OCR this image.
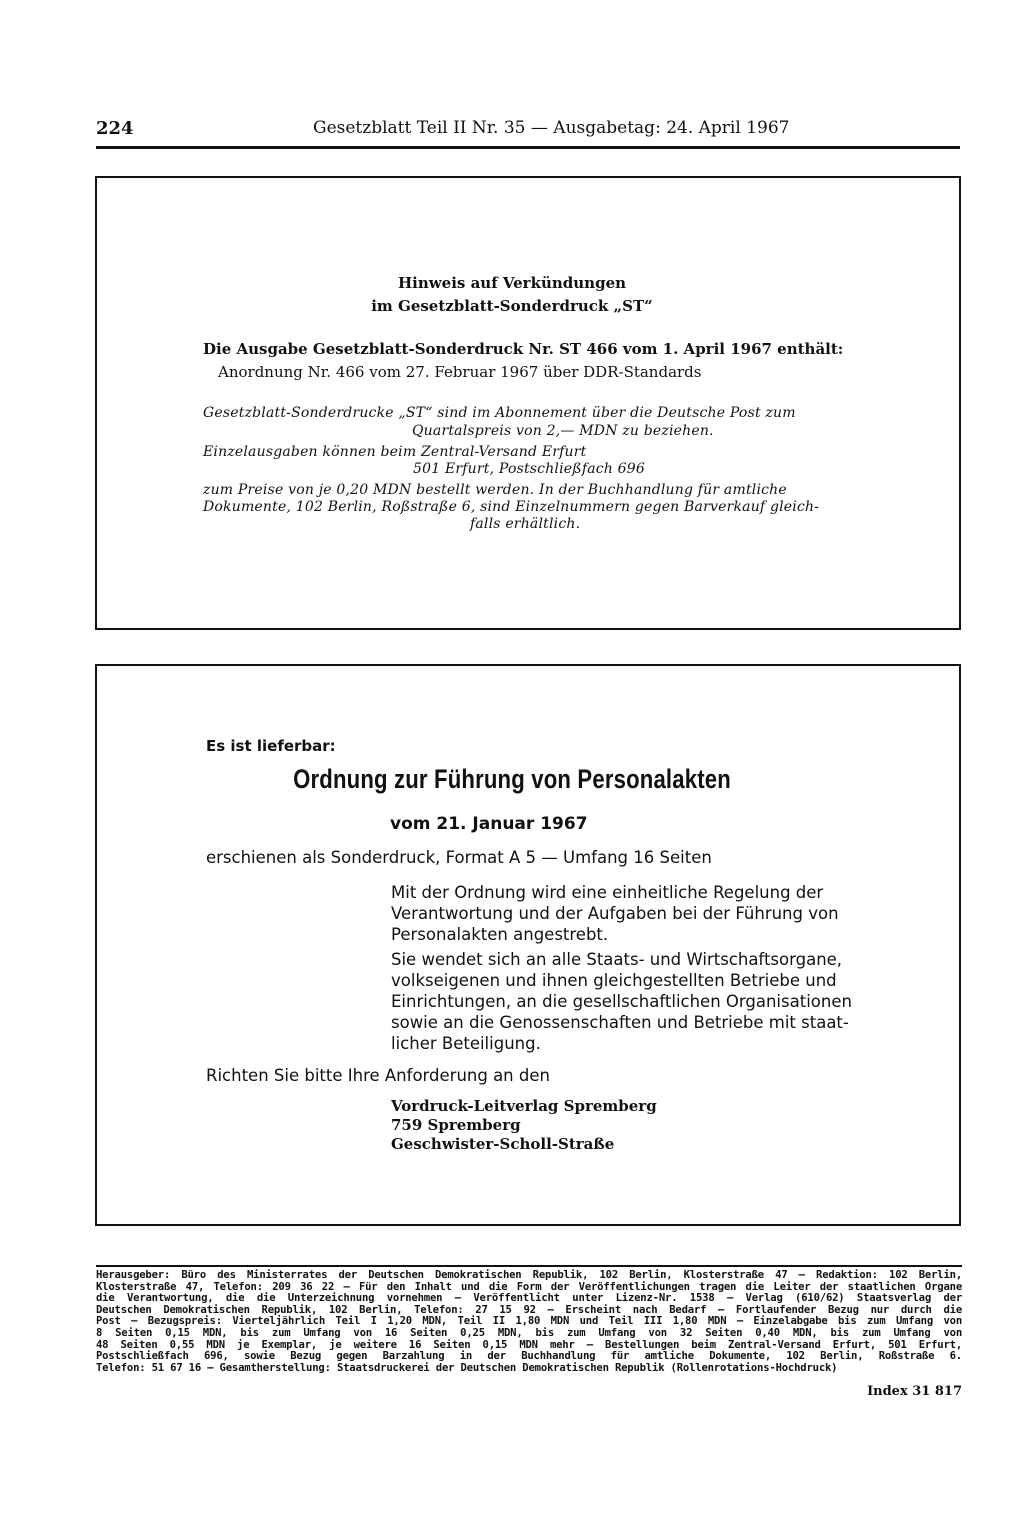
224	Gesetzblatt Teil II Nr. 35 — Ausgabetag: 24. April 1967
Hinweis auf Verkündungen
im Gesetzblatt-Sonderdruck „ST“
Die Ausgabe Gesetzblatt-Sonderdruck Nr. ST 466 vom 1. April 1967 enthält:
Anordnung Nr. 466 vom 27. Februar 1967 über DDR-Standards
Gesetzblatt-Sonderdrucke „ST“ sind im Abonnement über die Deutsche Post zum
Quartalspreis von 2,— MDN zu beziehen.
Einzelausgaben können beim Zentral-Versand Erfurt
501 Erfurt, Postschließfach 696
zum Preise von je 0,20 MDN bestellt werden. In der Buchhandlung für amtliche
Dokumente, 102 Berlin, Roßstraße 6, sind Einzelnummern gegen Barverkauf gleich-
falls erhältlich.
Es ist lieferbar:
Ordnung zur Führung von Personalakten
vom 21. Januar 1967
erschienen als Sonderdruck, Format A 5 — Umfang 16 Seiten
Mit der Ordnung wird eine einheitliche Regelung der
Verantwortung und der Aufgaben bei der Führung von
Personalakten angestrebt.
Sie wendet sich an alle Staats- und Wirtschaftsorgane,
volkseigenen und ihnen gleichgestellten Betriebe und
Einrichtungen, an die gesellschaftlichen Organisationen
sowie an die Genossenschaften und Betriebe mit staat-
licher Beteiligung.
Richten Sie bitte Ihre Anforderung an den
Vordruck-Leitverlag Spremberg
759 Spremberg
Geschwister-Scholl-Straße
Herausgeber: Büro des Ministerrates der Deutschen Demokratischen Republik, 102 Berlin, Klosterstraße 47 — Redaktion: 102 Berlin,
Klosterstraße 47, Telefon: 209 36 22 — Für den Inhalt und die Form der Veröffentlichungen tragen die Leiter der staatlichen Organe
die Verantwortung, die die Unterzeichnung vornehmen — Veröffentlicht unter Lizenz-Nr. 1538 — Verlag (610/62) Staatsverlag der
Deutschen Demokratischen Republik, 102 Berlin, Telefon: 27 15 92 — Erscheint nach Bedarf — Fortlaufender Bezug nur durch die
Post — Bezugspreis: Vierteljährlich Teil I 1,20 MDN, Teil II 1,80 MDN und Teil III 1,80 MDN — Einzelabgabe bis zum Umfang von
8 Seiten 0,15 MDN, bis zum Umfang von 16 Seiten 0,25 MDN, bis zum Umfang von 32 Seiten 0,40 MDN, bis zum Umfang von
48 Seiten 0,55 MDN je Exemplar, je weitere 16 Seiten 0,15 MDN mehr — Bestellungen beim Zentral-Versand Erfurt, 501 Erfurt,
Postschließfach 696, sowie Bezug gegen Barzahlung in der Buchhandlung für amtliche Dokumente, 102 Berlin, Roßstraße 6.
Telefon: 51 67 16 — Gesamtherstellung: Staatsdruckerei der Deutschen Demokratischen Republik (Rollenrotations-Hochdruck)
Index 31 817
